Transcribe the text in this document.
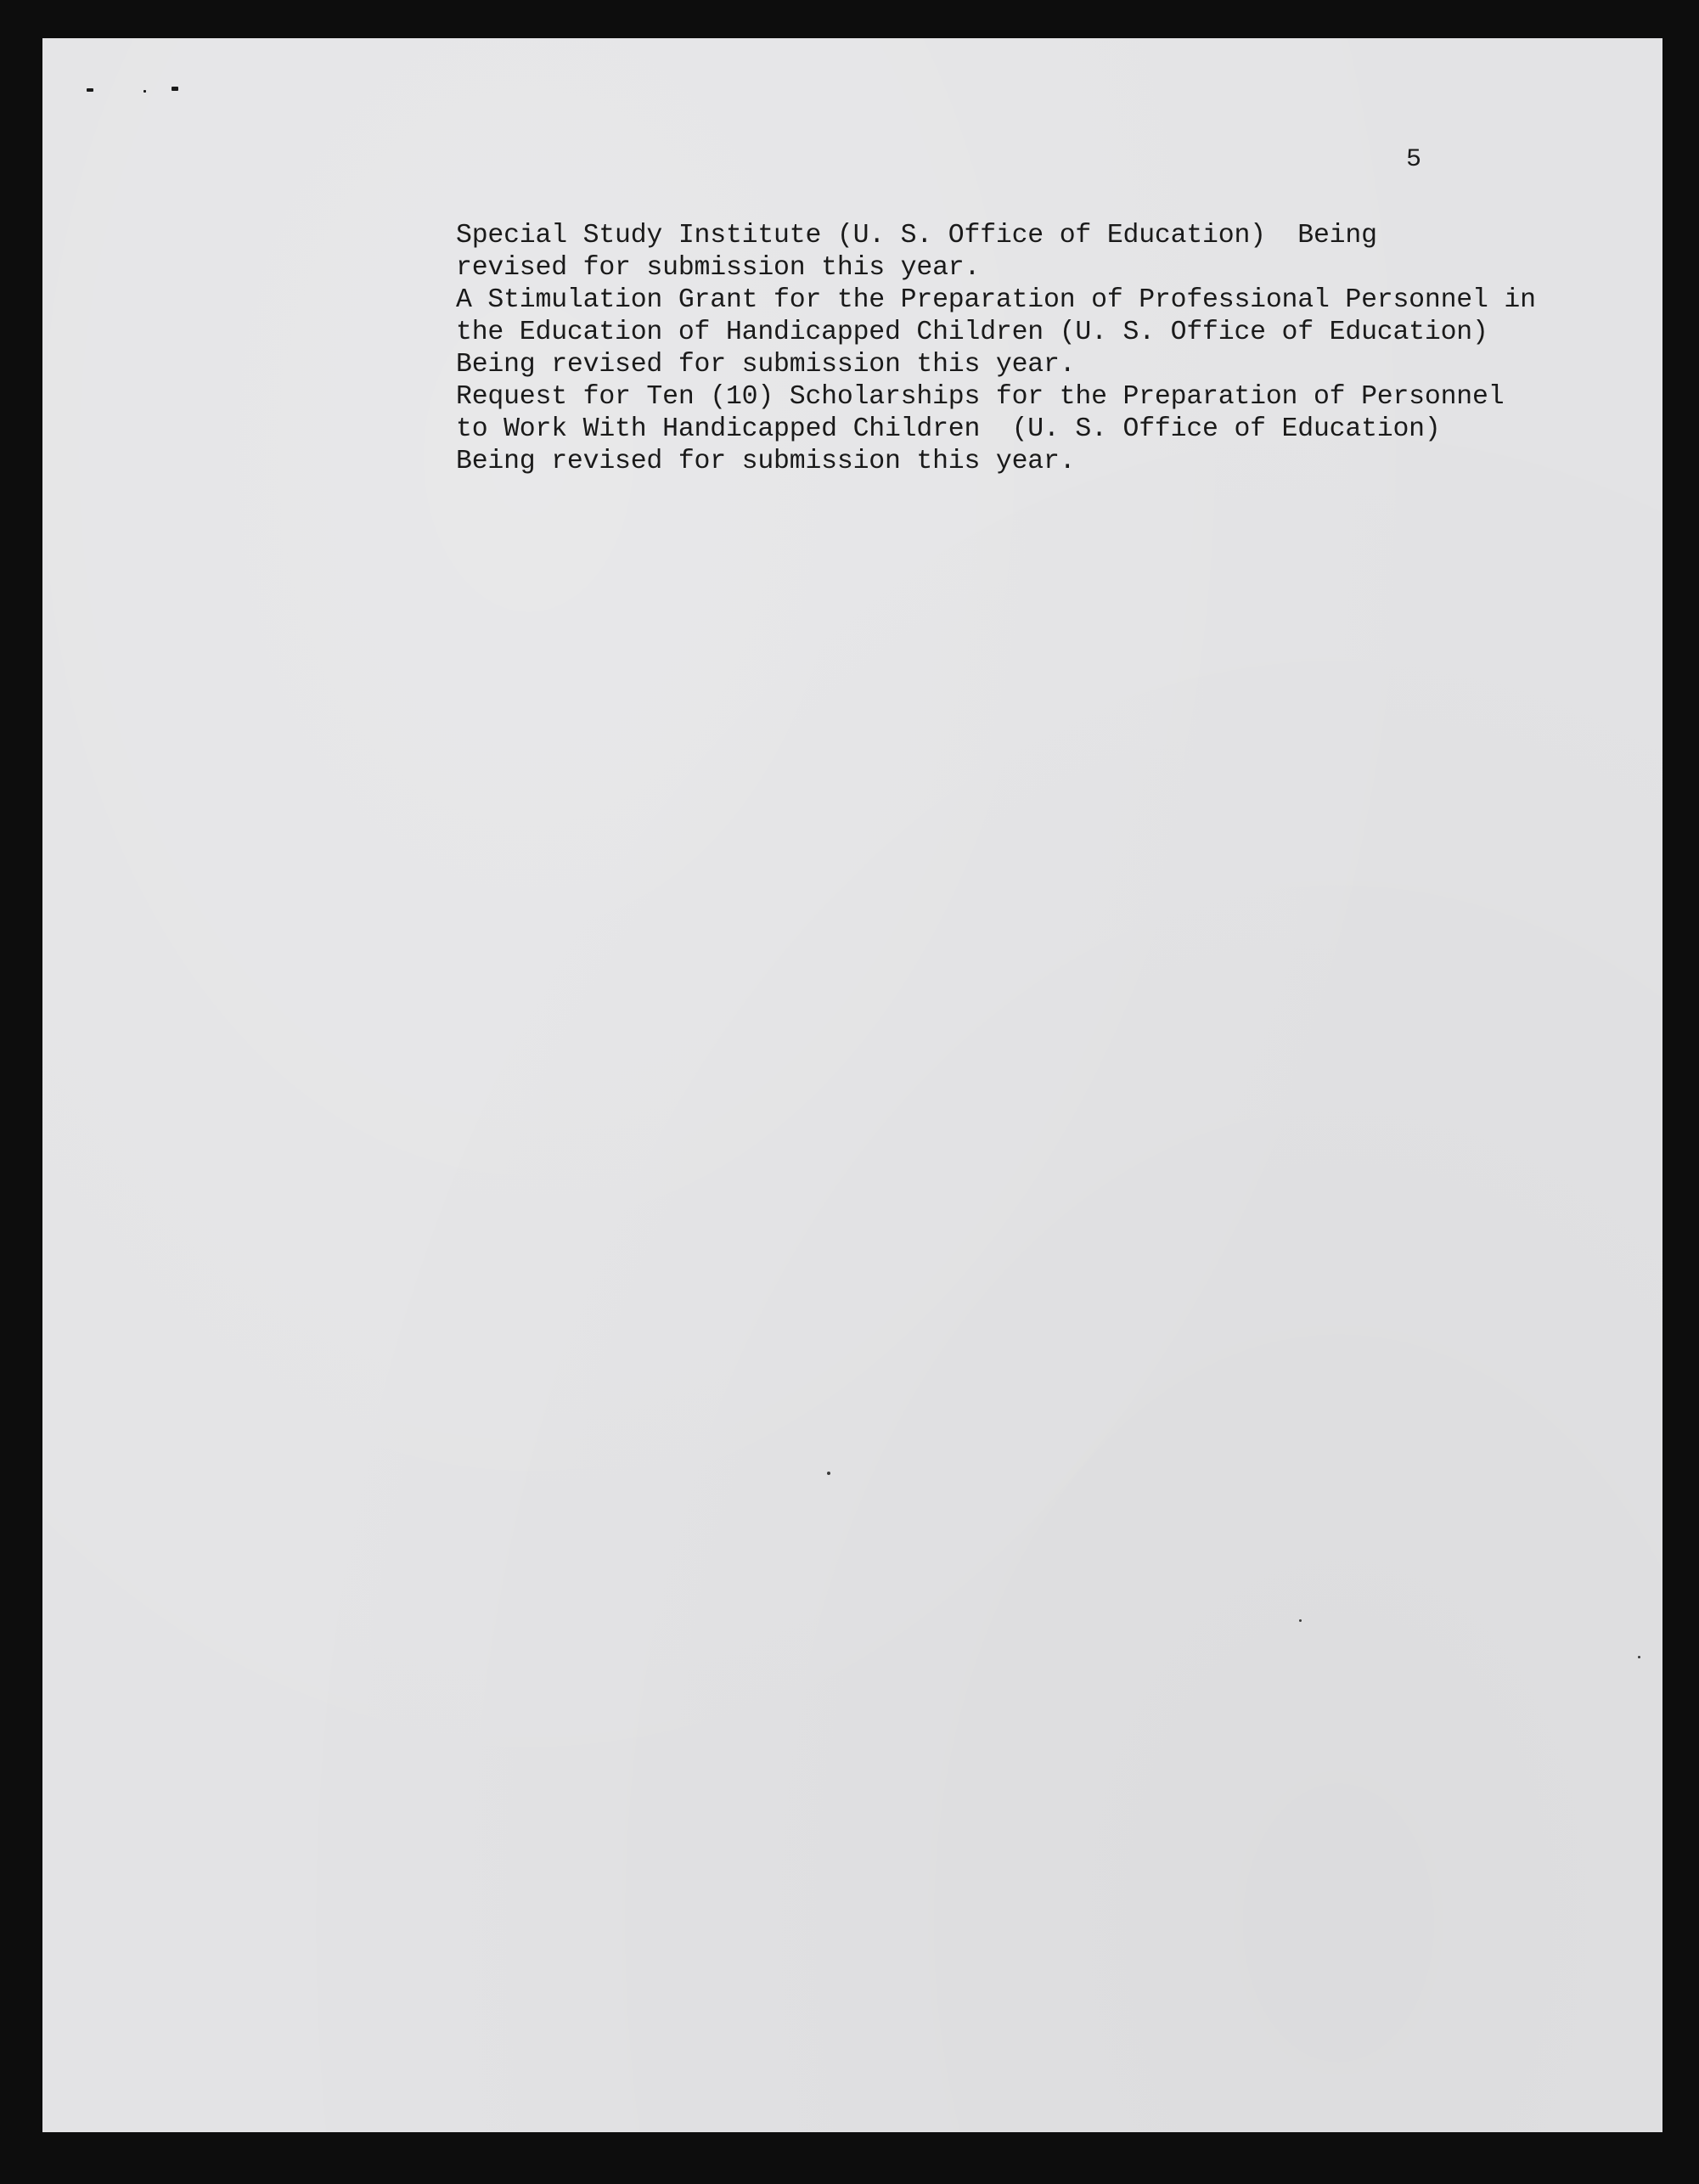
5

Special Study Institute (U. S. Office of Education)  Being
revised for submission this year.
A Stimulation Grant for the Preparation of Professional Personnel in
the Education of Handicapped Children (U. S. Office of Education)
Being revised for submission this year.
Request for Ten (10) Scholarships for the Preparation of Personnel
to Work With Handicapped Children  (U. S. Office of Education)
Being revised for submission this year.
